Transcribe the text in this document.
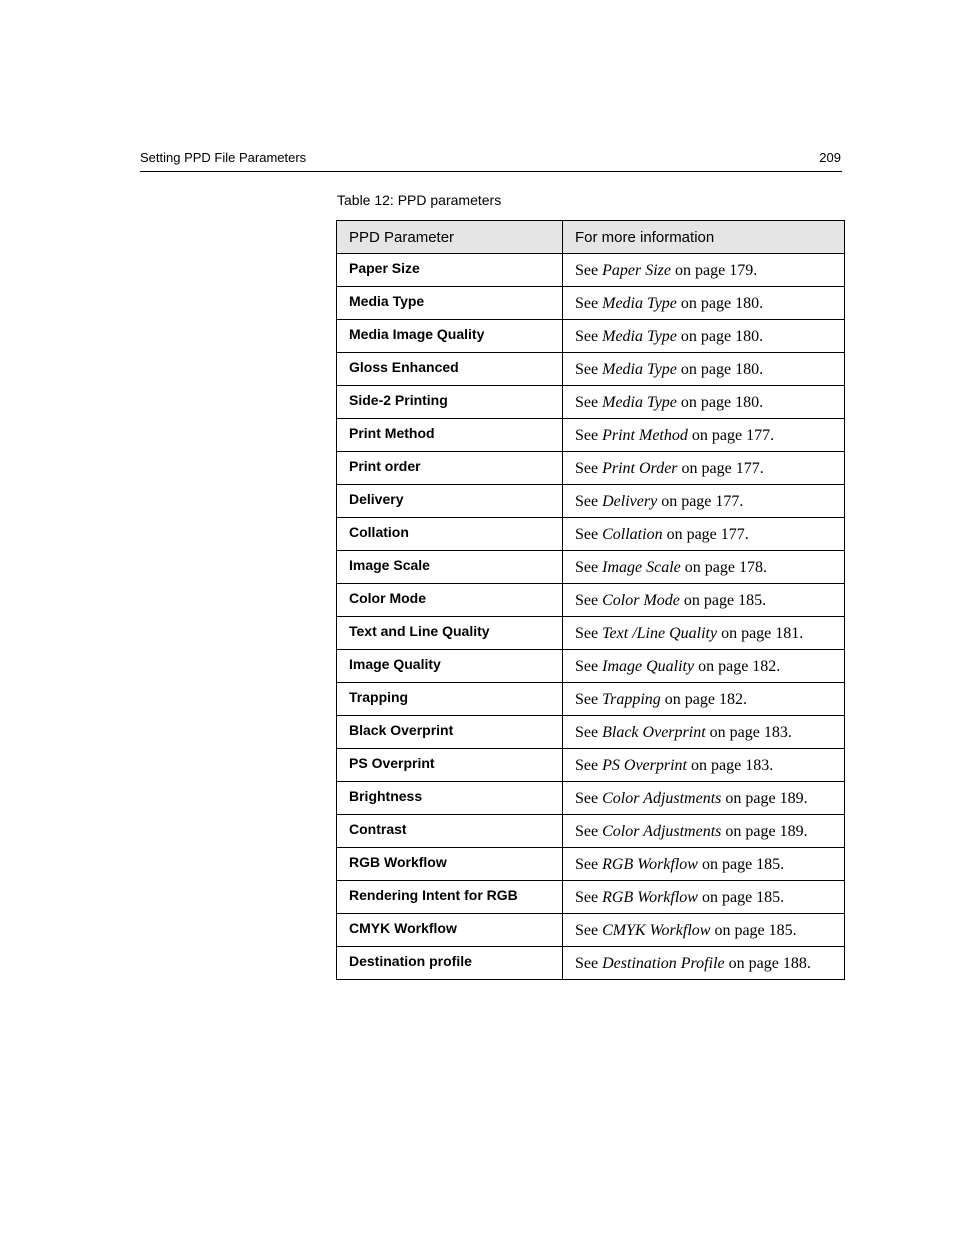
Setting PPD File Parameters	209
Table 12: PPD parameters
PPD Parameter	For more information
Paper Size	See Paper Size on page 179.
Media Type	See Media Type on page 180.
Media Image Quality	See Media Type on page 180.
Gloss Enhanced	See Media Type on page 180.
Side-2 Printing	See Media Type on page 180.
Print Method	See Print Method on page 177.
Print order	See Print Order on page 177.
Delivery	See Delivery on page 177.
Collation	See Collation on page 177.
Image Scale	See Image Scale on page 178.
Color Mode	See Color Mode on page 185.
Text and Line Quality	See Text /Line Quality on page 181.
Image Quality	See Image Quality on page 182.
Trapping	See Trapping on page 182.
Black Overprint	See Black Overprint on page 183.
PS Overprint	See PS Overprint on page 183.
Brightness	See Color Adjustments on page 189.
Contrast	See Color Adjustments on page 189.
RGB Workflow	See RGB Workflow on page 185.
Rendering Intent for RGB	See RGB Workflow on page 185.
CMYK Workflow	See CMYK Workflow on page 185.
Destination profile	See Destination Profile on page 188.
